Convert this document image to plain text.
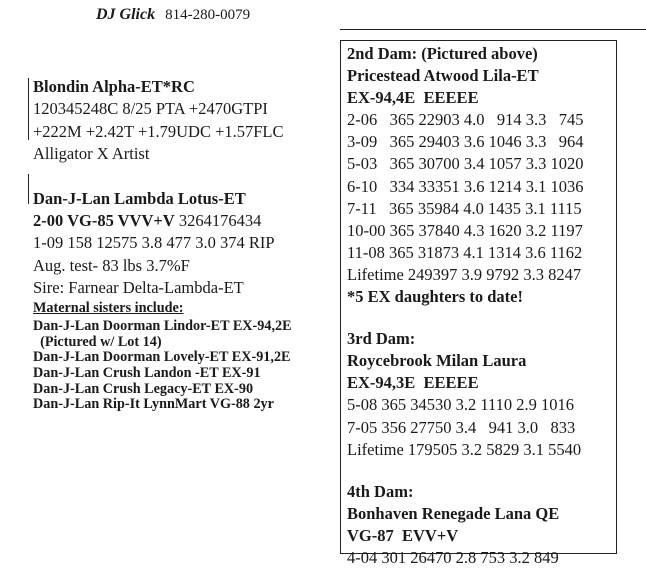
DJ Glick 814-280-0079
Blondin Alpha-ET*RC
120345248C 8/25 PTA +2470GTPI
+222M +2.42T +1.79UDC +1.57FLC
Alligator X Artist
Dan-J-Lan Lambda Lotus-ET
2-00 VG-85 VVV+V 3264176434
1-09 158 12575 3.8 477 3.0 374 RIP
Aug. test- 83 lbs 3.7%F
Sire: Farnear Delta-Lambda-ET
Maternal sisters include:
Dan-J-Lan Doorman Lindor-ET EX-94,2E
(Pictured w/ Lot 14)
Dan-J-Lan Doorman Lovely-ET EX-91,2E
Dan-J-Lan Crush Landon -ET EX-91
Dan-J-Lan Crush Legacy-ET EX-90
Dan-J-Lan Rip-It LynnMart VG-88 2yr
2nd Dam: (Pictured above)
Pricestead Atwood Lila-ET
EX-94,4E  EEEEE
2-06   365 22903 4.0   914 3.3   745
3-09   365 29403 3.6 1046 3.3   964
5-03   365 30700 3.4 1057 3.3 1020
6-10   334 33351 3.6 1214 3.1 1036
7-11   365 35984 4.0 1435 3.1 1115
10-00 365 37840 4.3 1620 3.2 1197
11-08 365 31873 4.1 1314 3.6 1162
Lifetime 249397 3.9 9792 3.3 8247
*5 EX daughters to date!
3rd Dam:
Roycebrook Milan Laura
EX-94,3E  EEEEE
5-08 365 34530 3.2 1110 2.9 1016
7-05 356 27750 3.4   941 3.0   833
Lifetime 179505 3.2 5829 3.1 5540
4th Dam:
Bonhaven Renegade Lana QE
VG-87  EVV+V
4-04 301 26470 2.8 753 3.2 849
